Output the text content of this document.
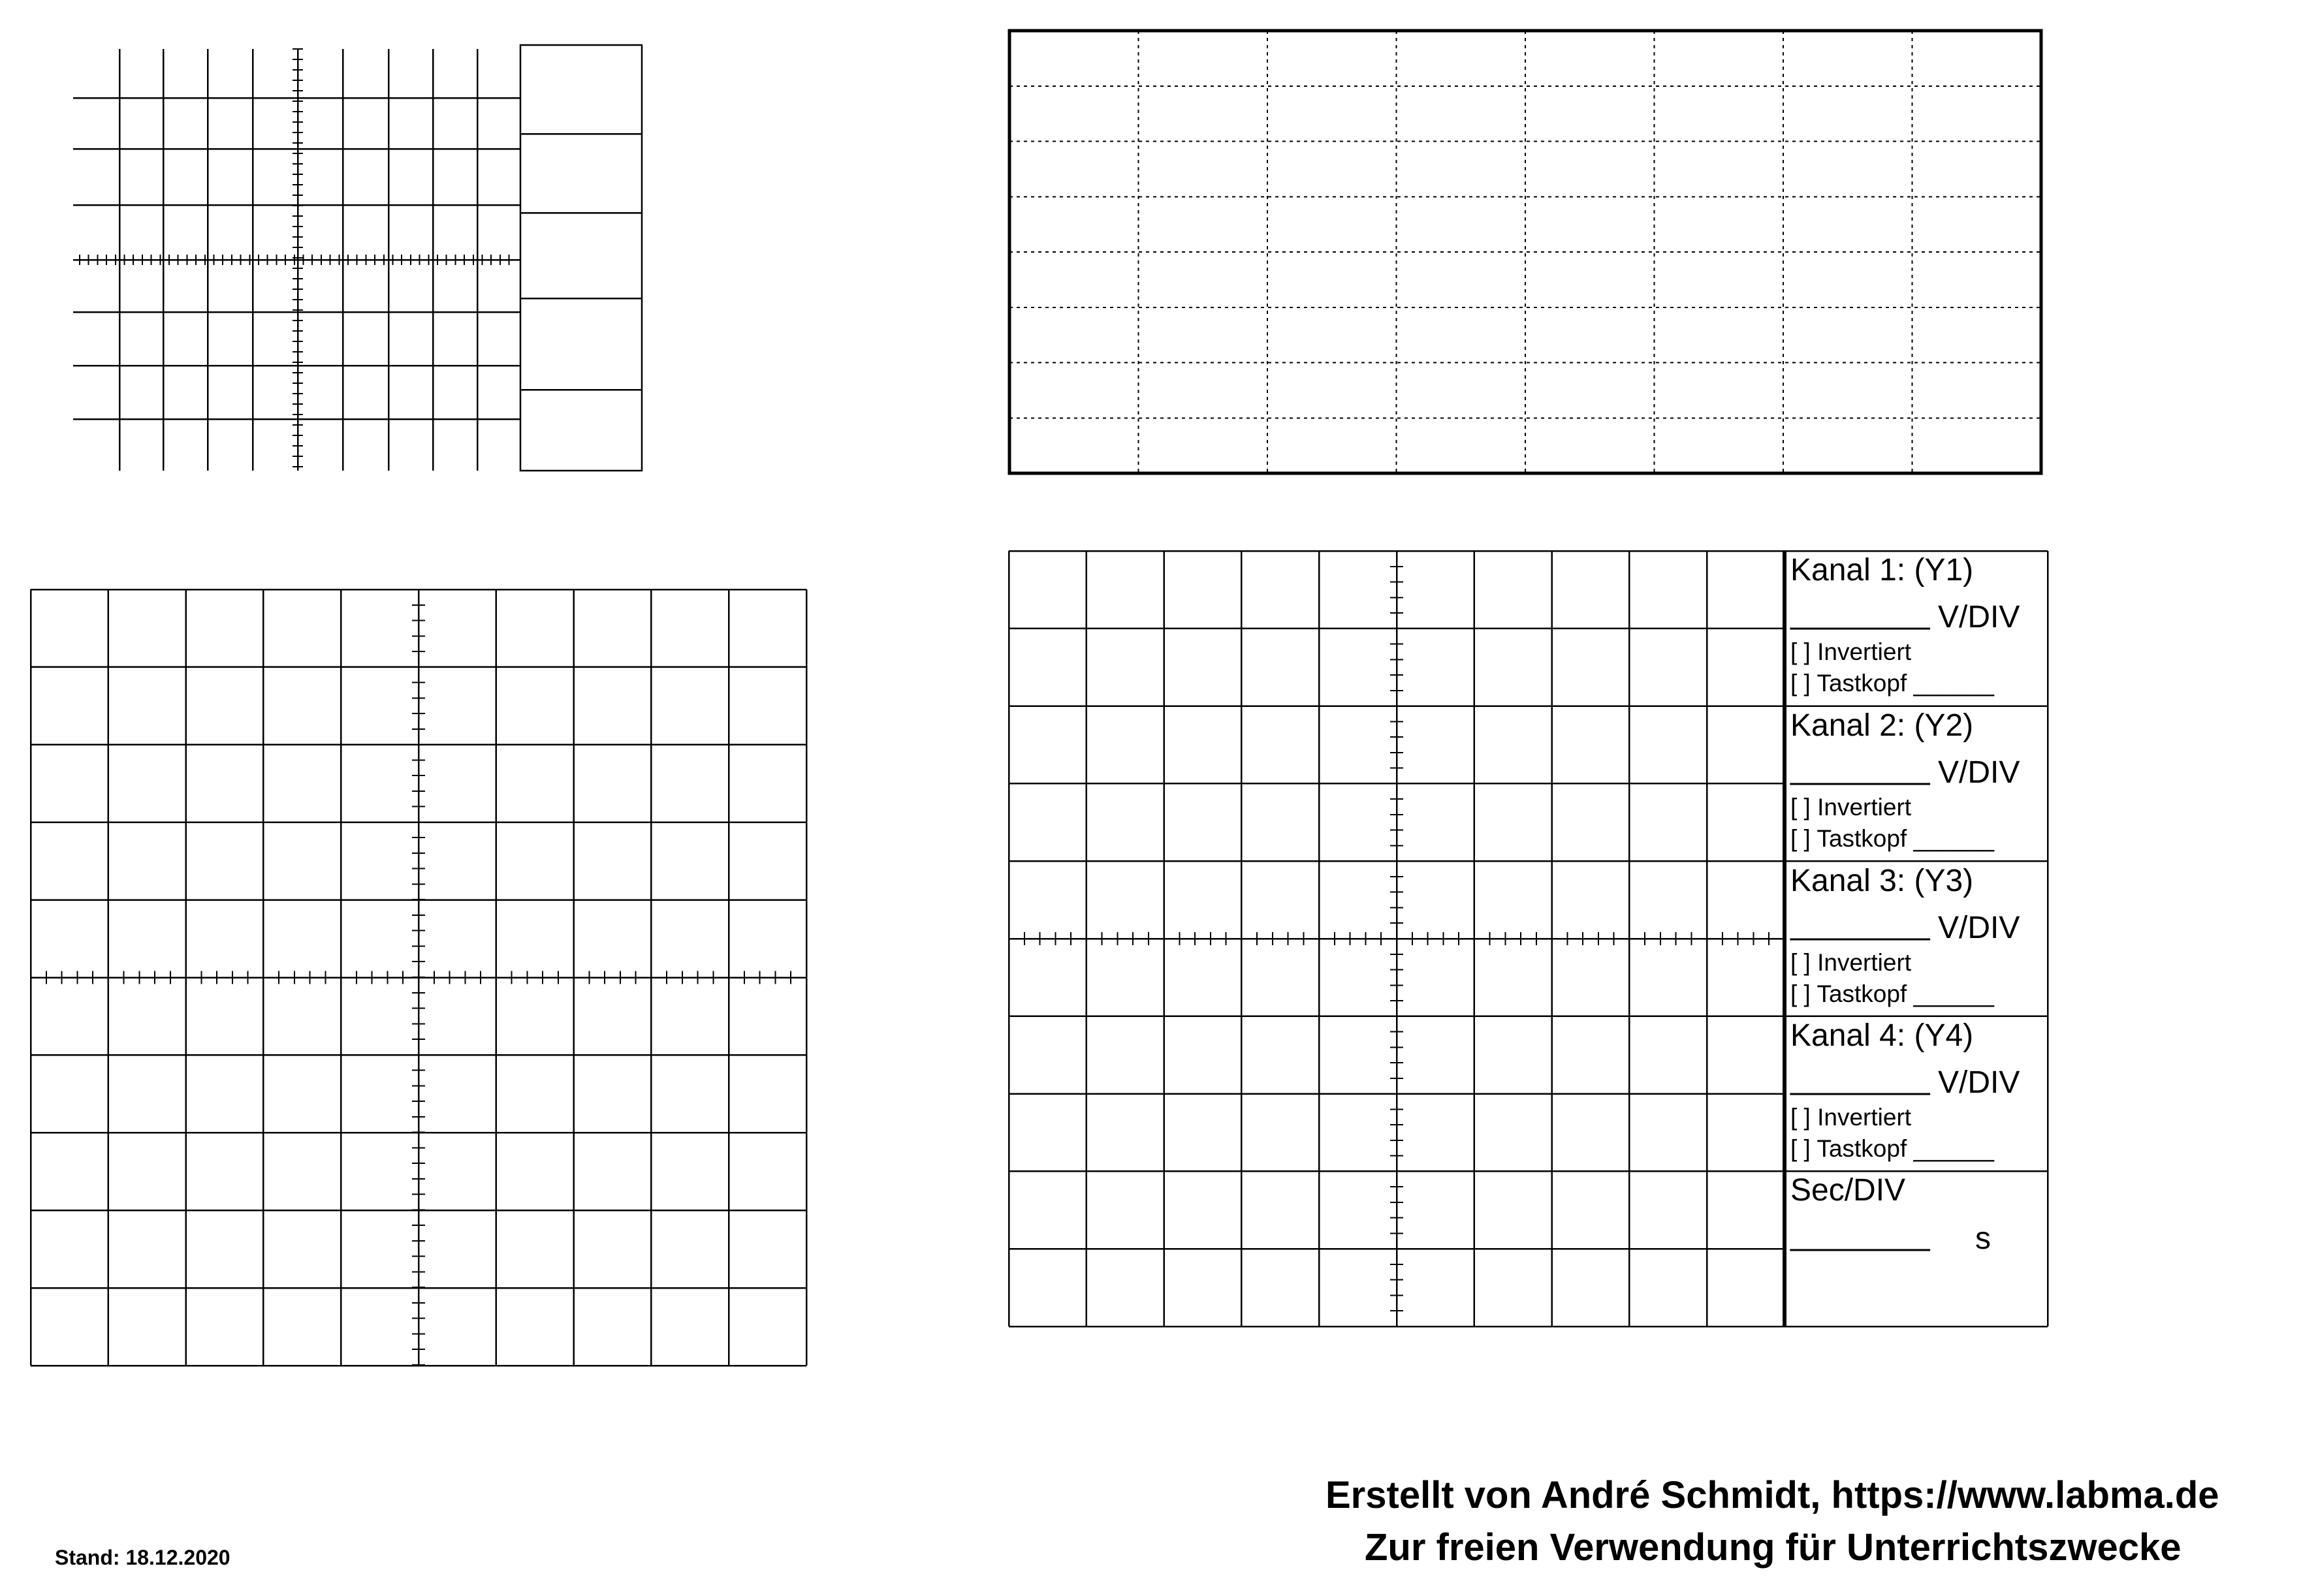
Kanal 1: (Y1)
________ V/DIV
[ ] Invertiert
[ ] Tastkopf ______
Kanal 2: (Y2)
________ V/DIV
[ ] Invertiert
[ ] Tastkopf ______
Kanal 3: (Y3)
________ V/DIV
[ ] Invertiert
[ ] Tastkopf ______
Kanal 4: (Y4)
________ V/DIV
[ ] Invertiert
[ ] Tastkopf ______
Sec/DIV
________ s
Erstellt von André Schmidt, https://www.labma.de
Zur freien Verwendung für Unterrichtszwecke
Stand: 18.12.2020
